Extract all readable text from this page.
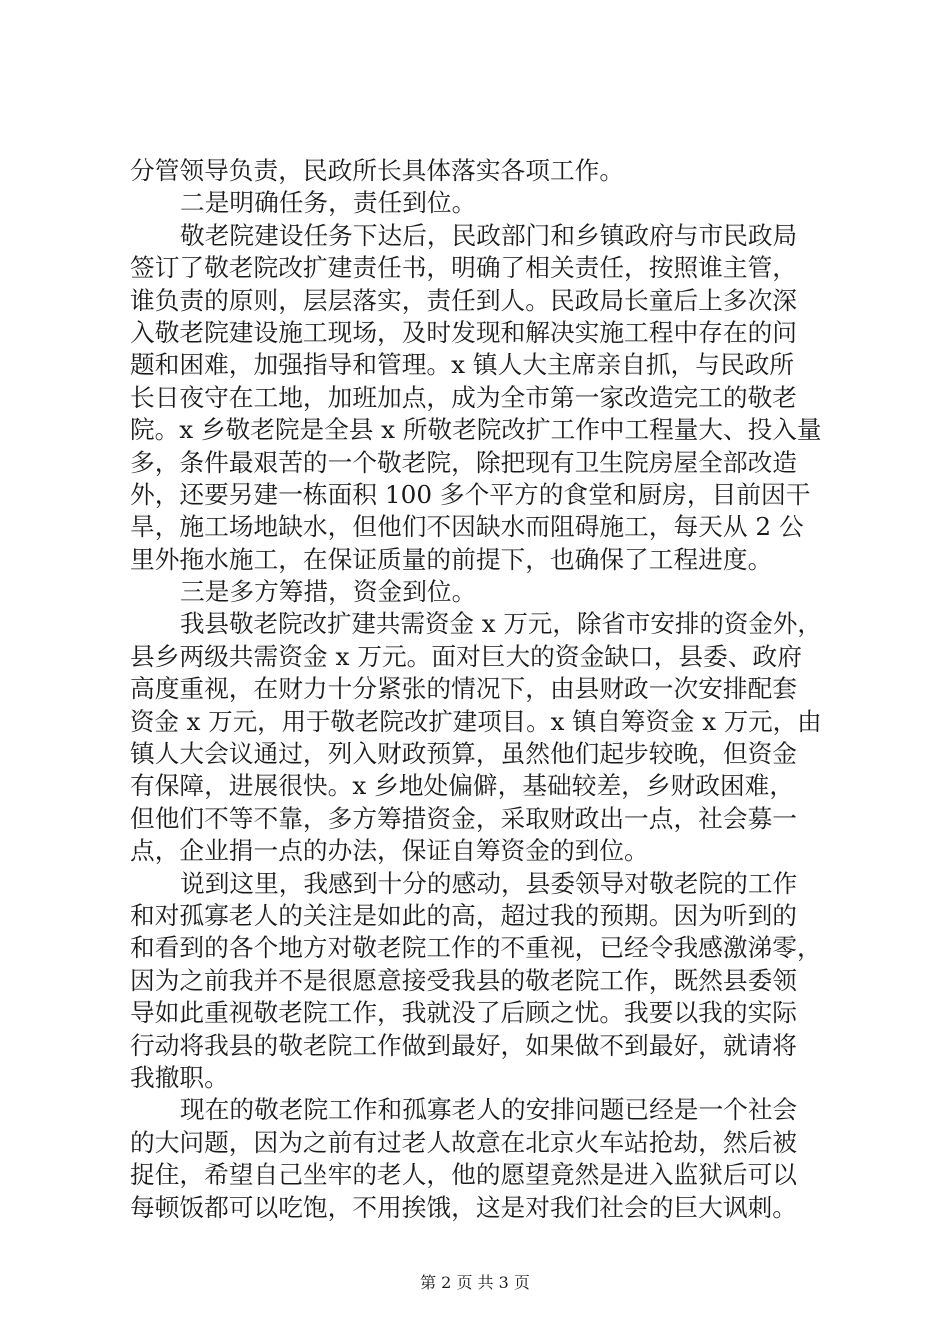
分管领导负责，民政所长具体落实各项工作。
二是明确任务，责任到位。
敬老院建设任务下达后，民政部门和乡镇政府与市民政局
签订了敬老院改扩建责任书，明确了相关责任，按照谁主管，
谁负责的原则，层层落实，责任到人。民政局长童后上多次深
入敬老院建设施工现场，及时发现和解决实施工程中存在的问
题和困难，加强指导和管理。x 镇人大主席亲自抓，与民政所
长日夜守在工地，加班加点，成为全市第一家改造完工的敬老
院。x 乡敬老院是全县 x 所敬老院改扩工作中工程量大、投入量
多，条件最艰苦的一个敬老院，除把现有卫生院房屋全部改造
外，还要另建一栋面积 100 多个平方的食堂和厨房，目前因干
旱，施工场地缺水，但他们不因缺水而阻碍施工，每天从 2 公
里外拖水施工，在保证质量的前提下，也确保了工程进度。
三是多方筹措，资金到位。
我县敬老院改扩建共需资金 x 万元，除省市安排的资金外，
县乡两级共需资金 x 万元。面对巨大的资金缺口，县委、政府
高度重视，在财力十分紧张的情况下，由县财政一次安排配套
资金 x 万元，用于敬老院改扩建项目。x 镇自筹资金 x 万元，由
镇人大会议通过，列入财政预算，虽然他们起步较晚，但资金
有保障，进展很快。x 乡地处偏僻，基础较差，乡财政困难，
但他们不等不靠，多方筹措资金，采取财政出一点，社会募一
点，企业捐一点的办法，保证自筹资金的到位。
说到这里，我感到十分的感动，县委领导对敬老院的工作
和对孤寡老人的关注是如此的高，超过我的预期。因为听到的
和看到的各个地方对敬老院工作的不重视，已经令我感激涕零，
因为之前我并不是很愿意接受我县的敬老院工作，既然县委领
导如此重视敬老院工作，我就没了后顾之忧。我要以我的实际
行动将我县的敬老院工作做到最好，如果做不到最好，就请将
我撤职。
现在的敬老院工作和孤寡老人的安排问题已经是一个社会
的大问题，因为之前有过老人故意在北京火车站抢劫，然后被
捉住，希望自己坐牢的老人，他的愿望竟然是进入监狱后可以
每顿饭都可以吃饱，不用挨饿，这是对我们社会的巨大讽刺。
第 2 页 共 3 页
